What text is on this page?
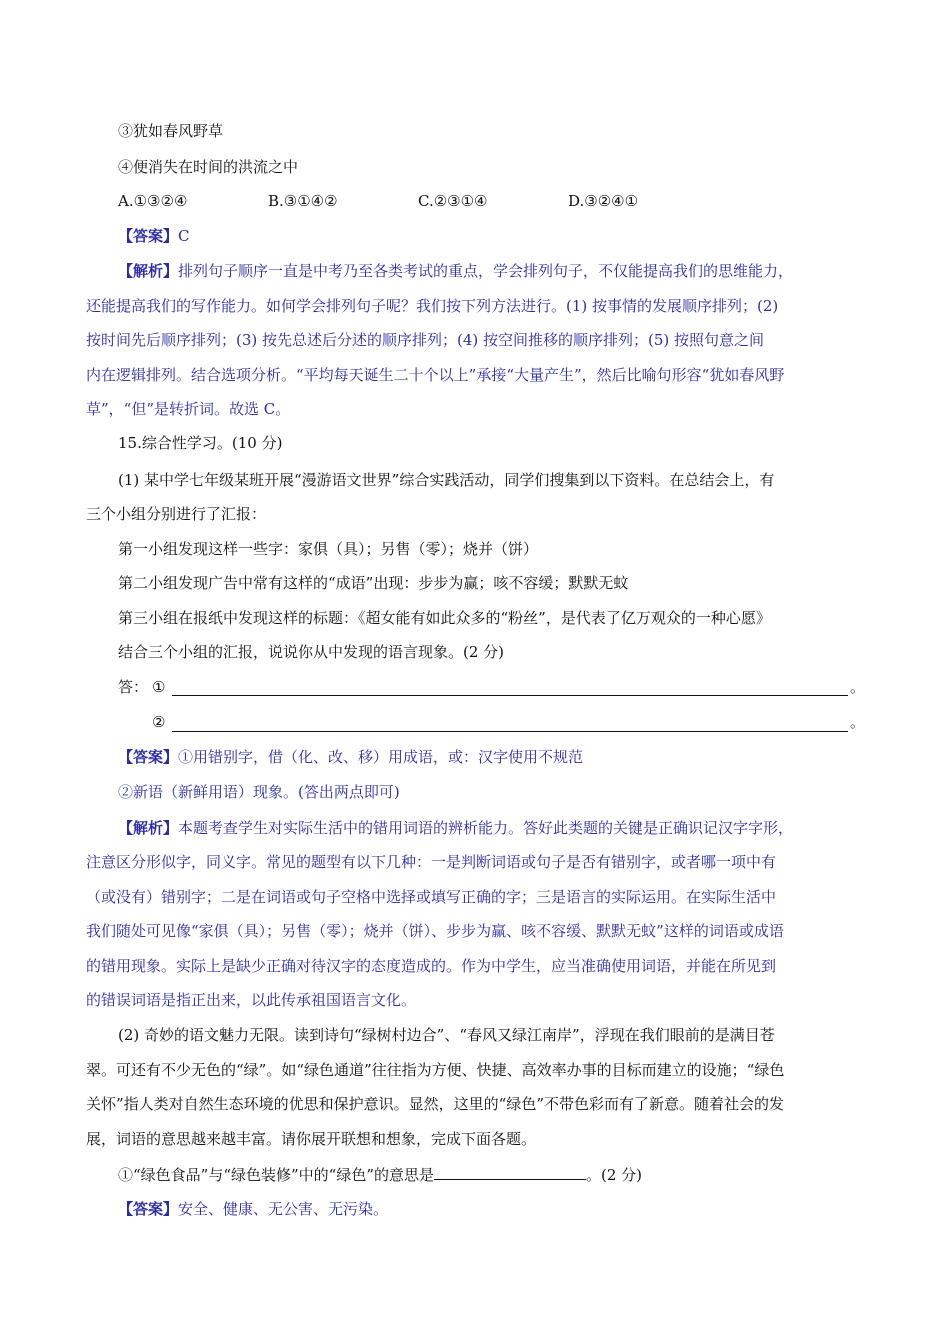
③犹如春风野草
④便消失在时间的洪流之中
A.①③②④	B.③①④②	C.②③①④	D.③②④①
【答案】C
【解析】排列句子顺序一直是中考乃至各类考试的重点，学会排列句子，不仅能提高我们的思维能力，
还能提高我们的写作能力。如何学会排列句子呢？我们按下列方法进行。(1) 按事情的发展顺序排列；(2)
按时间先后顺序排列；(3) 按先总述后分述的顺序排列；(4) 按空间推移的顺序排列；(5) 按照句意之间
内在逻辑排列。结合选项分析。“平均每天诞生二十个以上”承接“大量产生”，然后比喻句形容“犹如春风野
草”，“但”是转折词。故选 C。
15.综合性学习。(10 分)
(1) 某中学七年级某班开展“漫游语文世界”综合实践活动，同学们搜集到以下资料。在总结会上，有
三个小组分别进行了汇报：
第一小组发现这样一些字：家俱（具）；另售（零）；烧并（饼）
第二小组发现广告中常有这样的“成语”出现：步步为赢；咳不容缓；默默无蚊
第三小组在报纸中发现这样的标题：《超女能有如此众多的“粉丝”，是代表了亿万观众的一种心愿》
结合三个小组的汇报，说说你从中发现的语言现象。(2 分)
答： ①	。
②	。
【答案】①用错别字，借（化、改、移）用成语，或：汉字使用不规范
②新语（新鲜用语）现象。(答出两点即可)
【解析】本题考查学生对实际生活中的错用词语的辨析能力。答好此类题的关键是正确识记汉字字形，
注意区分形似字，同义字。常见的题型有以下几种：一是判断词语或句子是否有错别字，或者哪一项中有
（或没有）错别字；二是在词语或句子空格中选择或填写正确的字；三是语言的实际运用。在实际生活中
我们随处可见像“家俱（具）；另售（零）；烧并（饼）、步步为赢、咳不容缓、默默无蚊”这样的词语或成语
的错用现象。实际上是缺少正确对待汉字的态度造成的。作为中学生，应当准确使用词语，并能在所见到
的错误词语是指正出来，以此传承祖国语言文化。
(2) 奇妙的语文魅力无限。读到诗句“绿树村边合”、“春风又绿江南岸”，浮现在我们眼前的是满目苍
翠。可还有不少无色的“绿”。如“绿色通道”往往指为方便、快捷、高效率办事的目标而建立的设施；“绿色
关怀”指人类对自然生态环境的优思和保护意识。显然，这里的“绿色”不带色彩而有了新意。随着社会的发
展，词语的意思越来越丰富。请你展开联想和想象，完成下面各题。
①“绿色食品”与“绿色装修”中的“绿色”的意思是	。(2 分)
【答案】安全、健康、无公害、无污染。
